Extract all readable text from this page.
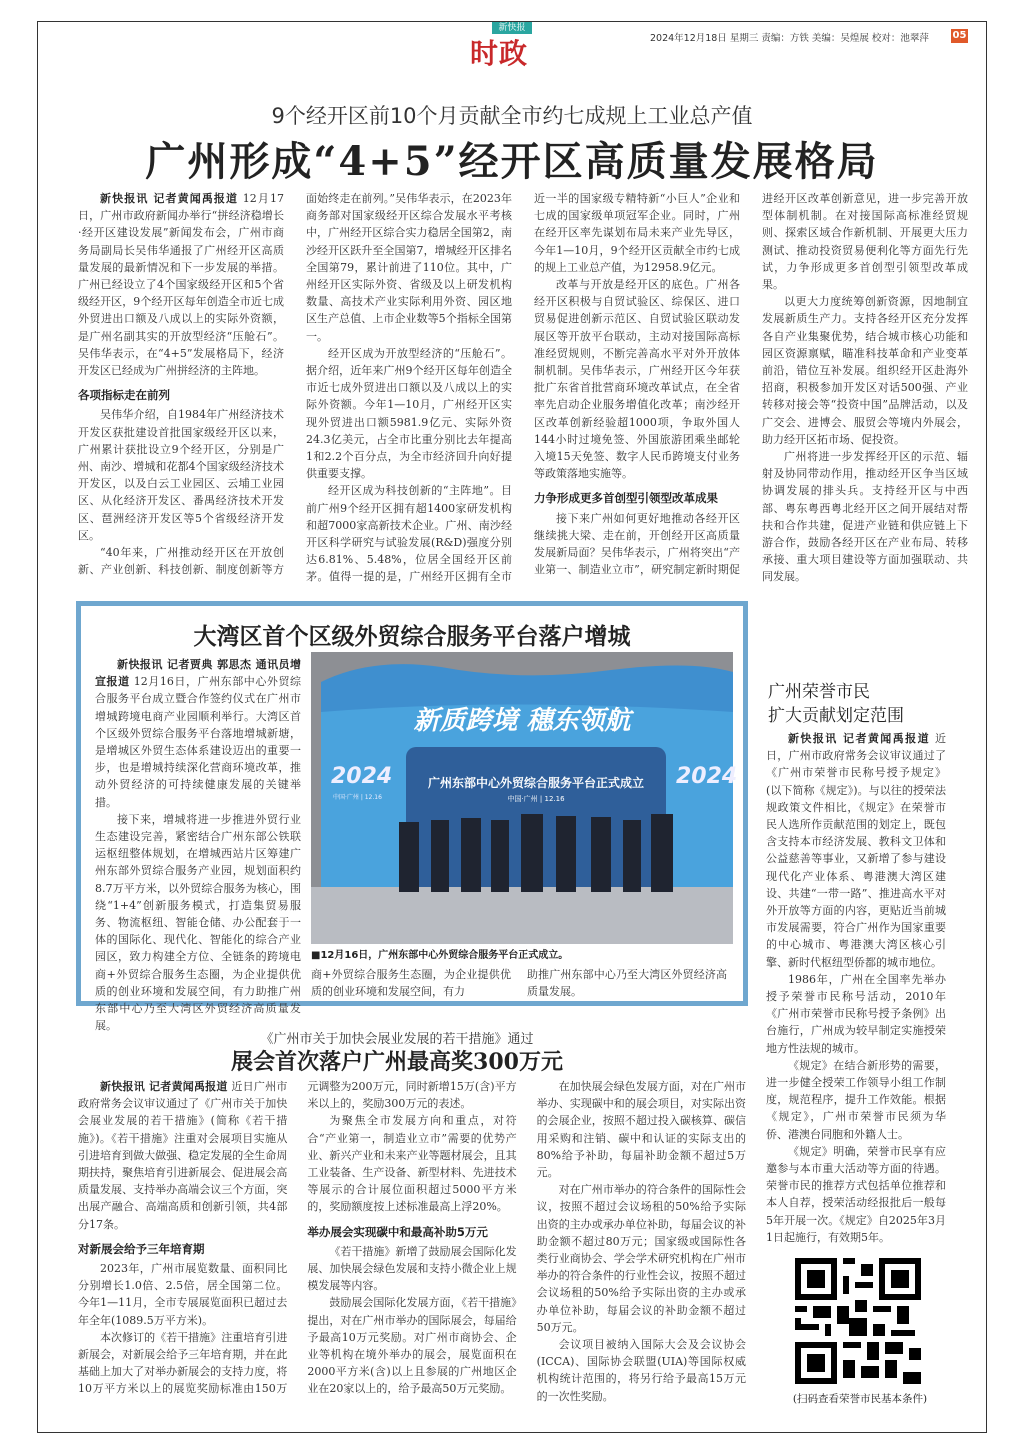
新快报
时政	2024年12月18日 星期三 责编：方铁 美编：吴煌展 校对：池翠萍 05
9个经开区前10个月贡献全市约七成规上工业总产值
广州形成“4+5”经开区高质量发展格局

新快报讯 记者黄闻禹报道 12月17日，广州市政府新闻办举行“拼经济稳增长·经开区建设发展”新闻发布会，广州市商务局副局长吴伟华通报了广州经开区高质量发展的最新情况和下一步发展的举措。广州已经设立了4个国家级经开区和5个省级经开区，9个经开区每年创造全市近七成外贸进出口额及八成以上的实际外资额，是广州名副其实的开放型经济“压舱石”。吴伟华表示，在“4+5”发展格局下，经济开发区已经成为广州拼经济的主阵地。

各项指标走在前列

吴伟华介绍，自1984年广州经济技术开发区获批建设首批国家级经开区以来，广州累计获批设立9个经开区，分别是广州、南沙、增城和花都4个国家级经济技术开发区，以及白云工业园区、云埔工业园区、从化经济开发区、番禺经济技术开发区、琶洲经济开发区等5个省级经济开发区。

“40年来，广州推动经开区在开放创新、产业创新、科技创新、制度创新等方面始终走在前列。”吴伟华表示，在2023年商务部对国家级经开区综合发展水平考核中，广州经开区综合实力稳居全国第2，南沙经开区跃升至全国第7，增城经开区排名全国第79，累计前进了110位。其中，广州经开区实际外资、省级及以上研发机构数量、高技术产业实际利用外资、园区地区生产总值、上市企业数等5个指标全国第一。

经开区成为开放型经济的“压舱石”。据介绍，近年来广州9个经开区每年创造全市近七成外贸进出口额以及八成以上的实际外资额。今年1—10月，广州经开区实现外贸进出口额5981.9亿元、实际外资24.3亿美元，占全市比重分别比去年提高1和2.2个百分点，为全市经济回升向好提供重要支撑。

经开区成为科技创新的“主阵地”。目前广州9个经开区拥有超1400家研发机构和超7000家高新技术企业。广州、南沙经开区科学研究与试验发展(R&D)强度分别达6.81%、5.48%，位居全国经开区前茅。值得一提的是，广州经开区拥有全市近一半的国家级专精特新“小巨人”企业和七成的国家级单项冠军企业。同时，广州在经开区率先谋划布局未来产业先导区，今年1—10月，9个经开区贡献全市约七成的规上工业总产值，为12958.9亿元。

改革与开放是经开区的底色。广州各经开区积极与自贸试验区、综保区、进口贸易促进创新示范区、自贸试验区联动发展区等开放平台联动，主动对接国际高标准经贸规则，不断完善高水平对外开放体制机制。吴伟华表示，广州经开区今年获批广东省首批营商环境改革试点，在全省率先启动企业服务增值化改革；南沙经开区改革创新经验超1000项，争取外国人144小时过境免签、外国旅游团乘坐邮轮入境15天免签、数字人民币跨境支付业务等政策落地实施等。

力争形成更多首创型引领型改革成果

接下来广州如何更好地推动各经开区继续挑大梁、走在前，开创经开区高质量发展新局面？吴伟华表示，广州将突出“产业第一、制造业立市”，研究制定新时期促进经开区改革创新意见，进一步完善开放型体制机制。在对接国际高标准经贸规则、探索区域合作新机制、开展更大压力测试、推动投资贸易便利化等方面先行先试，力争形成更多首创型引领型改革成果。

以更大力度统筹创新资源，因地制宜发展新质生产力。支持各经开区充分发挥各自产业集聚优势，结合城市核心功能和园区资源禀赋，瞄准科技革命和产业变革前沿，错位互补发展。组织经开区赴海外招商，积极参加开发区对话500强、产业转移对接会等“投资中国”品牌活动，以及广交会、进博会、服贸会等境内外展会，助力经开区拓市场、促投资。

广州将进一步发挥经开区的示范、辐射及协同带动作用，推动经开区争当区域协调发展的排头兵。支持经开区与中西部、粤东粤西粤北经开区之间开展结对帮扶和合作共建，促进产业链和供应链上下游合作，鼓励各经开区在产业布局、转移承接、重大项目建设等方面加强联动、共同发展。

大湾区首个区级外贸综合服务平台落户增城

新快报讯 记者贾典 郭思杰 通讯员增宣报道 12月16日，广州东部中心外贸综合服务平台成立暨合作签约仪式在广州市增城跨境电商产业园顺利举行。大湾区首个区级外贸综合服务平台落地增城新塘，是增城区外贸生态体系建设迈出的重要一步，也是增城持续深化营商环境改革，推动外贸经济的可持续健康发展的关键举措。

接下来，增城将进一步推进外贸行业生态建设完善，紧密结合广州东部公铁联运枢纽整体规划，在增城西站片区筹建广州东部外贸综合服务产业园，规划面积约8.7万平方米，以外贸综合服务为核心，围绕“1+4”创新服务模式，打造集贸易服务、物流枢纽、智能仓储、办公配套于一体的国际化、现代化、智能化的综合产业园区，致力构建全方位、全链条的跨境电商+外贸综合服务生态圈，为企业提供优质的创业环境和发展空间，有力助推广州东部中心乃至大湾区外贸经济高质量发展。

新质跨境 穗东领航
广州东部中心外贸综合服务平台正式成立
中国·广州 | 12.16
2024
中国·广州 | 12.16
2024
■12月16日，广州东部中心外贸综合服务平台正式成立。
商+外贸综合服务生态圈，为企业提供优质的创业环境和发展空间，有力
助推广州东部中心乃至大湾区外贸经济高质量发展。
广州荣誉市民
扩大贡献划定范围

新快报讯 记者黄闻禹报道 近日，广州市政府常务会议审议通过了《广州市荣誉市民称号授予规定》(以下简称《规定》)。与以往的授荣法规政策文件相比，《规定》在荣誉市民人选所作贡献范围的划定上，既包含支持本市经济发展、教科文卫体和公益慈善等事业，又新增了参与建设现代化产业体系、粤港澳大湾区建设、共建“一带一路”、推进高水平对外开放等方面的内容，更贴近当前城市发展需要，符合广州作为国家重要的中心城市、粤港澳大湾区核心引擎、新时代枢纽型侨都的城市地位。

1986年，广州在全国率先举办授予荣誉市民称号活动，2010年《广州市荣誉市民称号授予条例》出台施行，广州成为较早制定实施授荣地方性法规的城市。

《规定》在结合新形势的需要，进一步健全授荣工作领导小组工作制度，规范程序，提升工作效能。根据《规定》，广州市荣誉市民须为华侨、港澳台同胞和外籍人士。

《规定》明确，荣誉市民享有应邀参与本市重大活动等方面的待遇。荣誉市民的推荐方式包括单位推荐和本人自荐，授荣活动经报批后一般每5年开展一次。《规定》自2025年3月1日起施行，有效期5年。

(扫码查看荣誉市民基本条件)
《广州市关于加快会展业发展的若干措施》通过
展会首次落户广州最高奖300万元

新快报讯 记者黄闻禹报道 近日广州市政府常务会议审议通过了《广州市关于加快会展业发展的若干措施》(简称《若干措施》)。《若干措施》注重对会展项目实施从引进培育到做大做强、稳定发展的全生命周期扶持，聚焦培育引进新展会、促进展会高质量发展、支持举办高端会议三个方面，突出展产融合、高端高质和创新引领，共4部分17条。

对新展会给予三年培育期

2023年，广州市展览数量、面积同比分别增长1.0倍、2.5倍，居全国第二位。今年1—11月，全市专展展览面积已超过去年全年(1089.5万平方米)。

本次修订的《若干措施》注重培育引进新展会，对新展会给予三年培育期，并在此基础上加大了对举办新展会的支持力度，将10万平方米以上的展览奖励标准由150万元调整为200万元，同时新增15万(含)平方米以上的，奖励300万元的表述。

为聚焦全市发展方向和重点，对符合“产业第一，制造业立市”需要的优势产业、新兴产业和未来产业等题材展会，且其工业装备、生产设备、新型材料、先进技术等展示的合计展位面积超过5000平方米的，奖励额度按上述标准最高上浮20%。

举办展会实现碳中和最高补助5万元

《若干措施》新增了鼓励展会国际化发展、加快展会绿色发展和支持小微企业上规模发展等内容。

鼓励展会国际化发展方面，《若干措施》提出，对在广州市举办的国际展会，每届给予最高10万元奖励。对广州市商协会、企业等机构在境外举办的展会，展览面积在2000平方米(含)以上且参展的广州地区企业在20家以上的，给予最高50万元奖励。

在加快展会绿色发展方面，对在广州市举办、实现碳中和的展会项目，对实际出资的会展企业，按照不超过投入碳核算、碳信用采购和注销、碳中和认证的实际支出的80%给予补助，每届补助金额不超过5万元。

对在广州市举办的符合条件的国际性会议，按照不超过会议场租的50%给予实际出资的主办或承办单位补助，每届会议的补助金额不超过80万元；国家级或国际性各类行业商协会、学会学术研究机构在广州市举办的符合条件的行业性会议，按照不超过会议场租的50%给予实际出资的主办或承办单位补助，每届会议的补助金额不超过50万元。

会议项目被纳入国际大会及会议协会(ICCA)、国际协会联盟(UIA)等国际权威机构统计范围的，将另行给予最高15万元的一次性奖励。
